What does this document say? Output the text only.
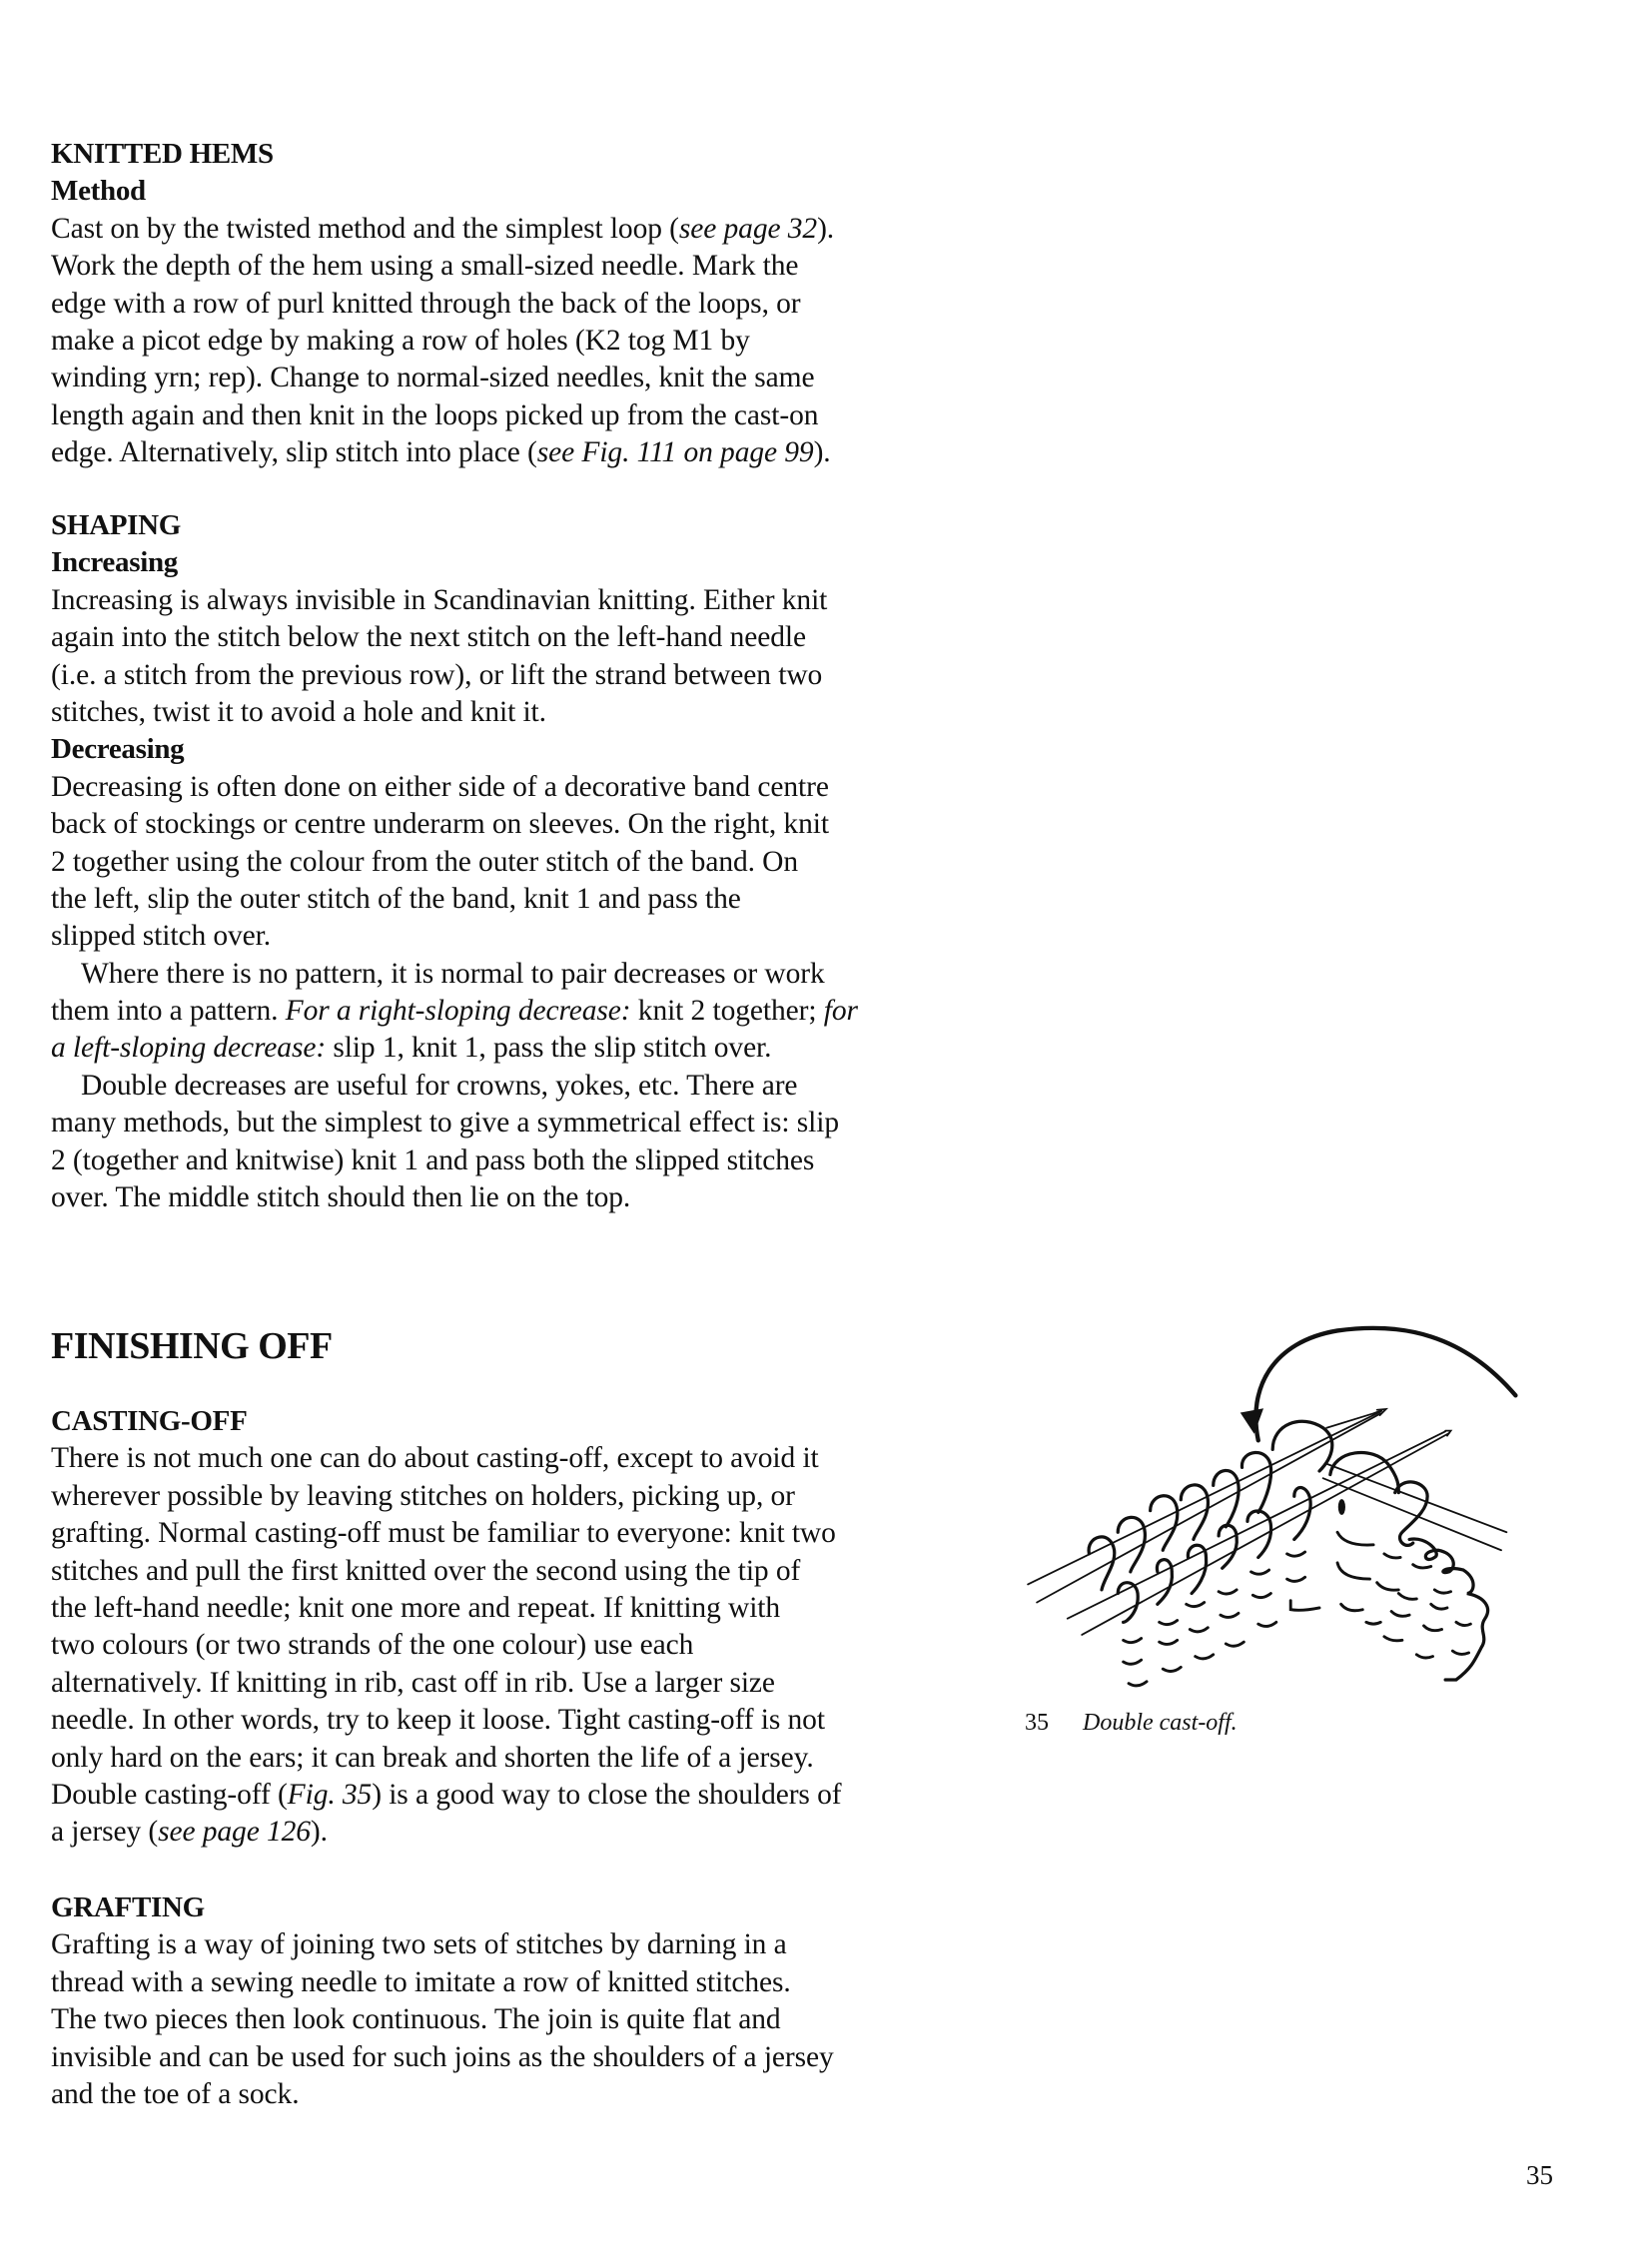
KNITTED HEMS
Method
Cast on by the twisted method and the simplest loop (see page 32).
Work the depth of the hem using a small-sized needle. Mark the
edge with a row of purl knitted through the back of the loops, or
make a picot edge by making a row of holes (K2 tog M1 by
winding yrn; rep). Change to normal-sized needles, knit the same
length again and then knit in the loops picked up from the cast-on
edge. Alternatively, slip stitch into place (see Fig. 111 on page 99).
SHAPING
Increasing
Increasing is always invisible in Scandinavian knitting. Either knit
again into the stitch below the next stitch on the left-hand needle
(i.e. a stitch from the previous row), or lift the strand between two
stitches, twist it to avoid a hole and knit it.
Decreasing
Decreasing is often done on either side of a decorative band centre
back of stockings or centre underarm on sleeves. On the right, knit
2 together using the colour from the outer stitch of the band. On
the left, slip the outer stitch of the band, knit 1 and pass the
slipped stitch over.
Where there is no pattern, it is normal to pair decreases or work
them into a pattern. For a right-sloping decrease: knit 2 together; for
a left-sloping decrease: slip 1, knit 1, pass the slip stitch over.
Double decreases are useful for crowns, yokes, etc. There are
many methods, but the simplest to give a symmetrical effect is: slip
2 (together and knitwise) knit 1 and pass both the slipped stitches
over. The middle stitch should then lie on the top.
FINISHING OFF
CASTING-OFF
There is not much one can do about casting-off, except to avoid it
wherever possible by leaving stitches on holders, picking up, or
grafting. Normal casting-off must be familiar to everyone: knit two
stitches and pull the first knitted over the second using the tip of
the left-hand needle; knit one more and repeat. If knitting with
two colours (or two strands of the one colour) use each
alternatively. If knitting in rib, cast off in rib. Use a larger size
needle. In other words, try to keep it loose. Tight casting-off is not
only hard on the ears; it can break and shorten the life of a jersey.
Double casting-off (Fig. 35) is a good way to close the shoulders of
a jersey (see page 126).
GRAFTING
Grafting is a way of joining two sets of stitches by darning in a
thread with a sewing needle to imitate a row of knitted stitches.
The two pieces then look continuous. The join is quite flat and
invisible and can be used for such joins as the shoulders of a jersey
and the toe of a sock.
35 Double cast-off.
35
